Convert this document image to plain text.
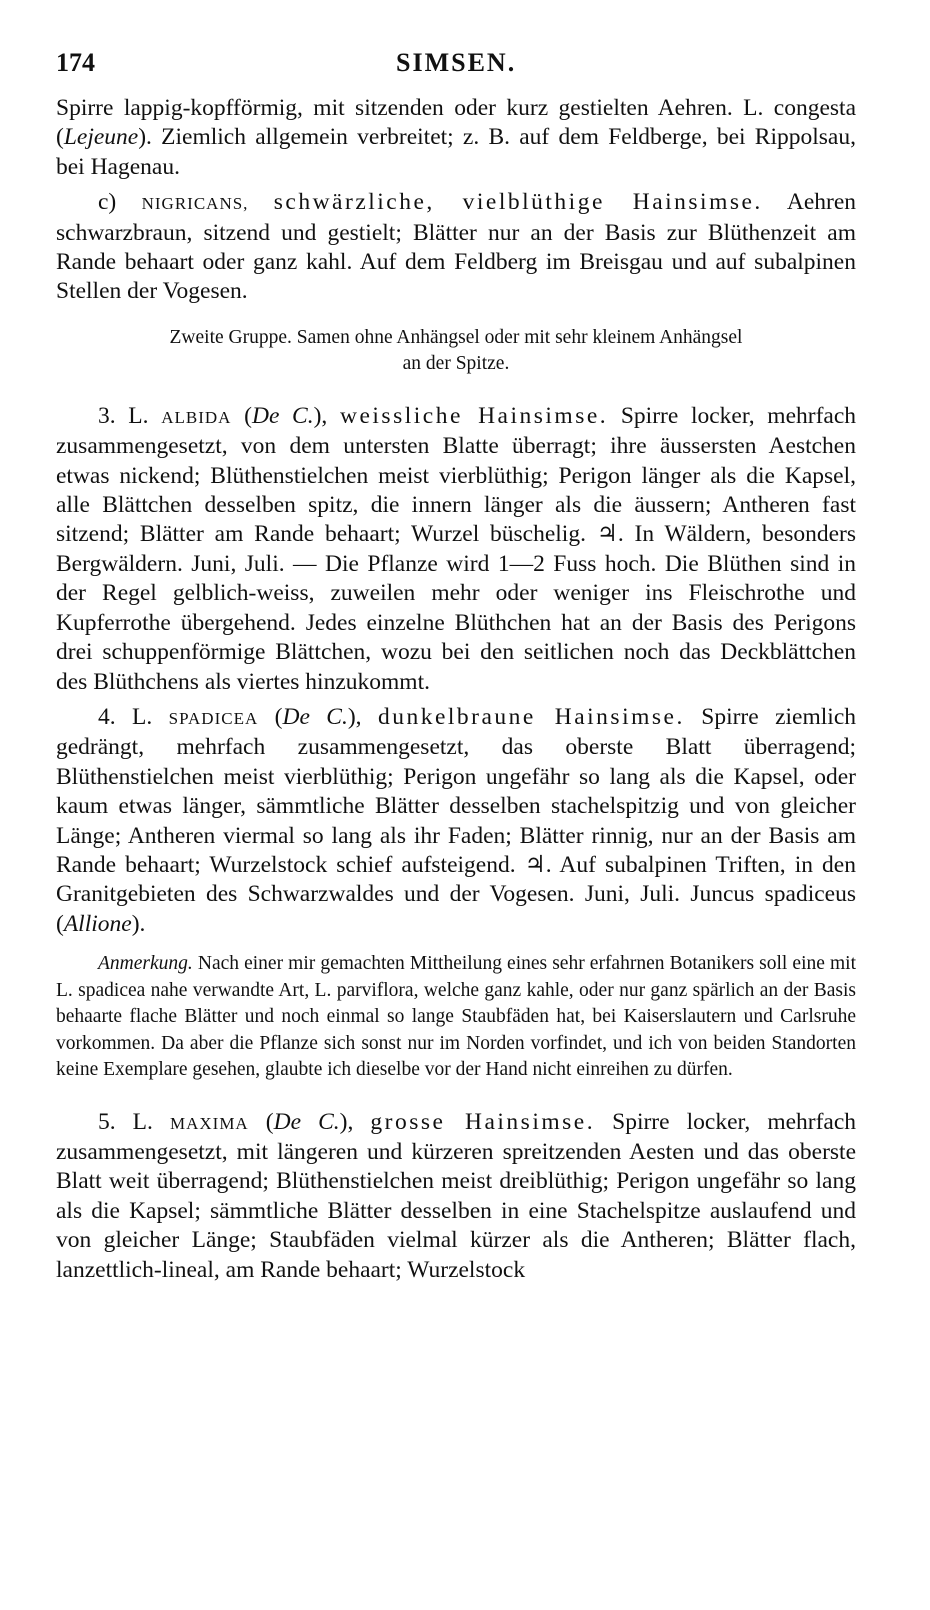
174	SIMSEN.

Spirre lappig-kopfförmig, mit sitzenden oder kurz gestielten Aehren. L. congesta (Lejeune). Ziemlich allgemein verbreitet; z. B. auf dem Feldberge, bei Rippolsau, bei Hagenau.

c) NIGRICANS, schwärzliche, vielblüthige Hainsimse. Aehren schwarzbraun, sitzend und gestielt; Blätter nur an der Basis zur Blüthenzeit am Rande behaart oder ganz kahl. Auf dem Feldberg im Breisgau und auf subalpinen Stellen der Vogesen.

Zweite Gruppe. Samen ohne Anhängsel oder mit sehr kleinem Anhängsel
an der Spitze.

3. L. ALBIDA (De C.), weissliche Hainsimse. Spirre locker, mehrfach zusammengesetzt, von dem untersten Blatte überragt; ihre äussersten Aestchen etwas nickend; Blüthenstielchen meist vierblüthig; Perigon länger als die Kapsel, alle Blättchen desselben spitz, die innern länger als die äussern; Antheren fast sitzend; Blätter am Rande behaart; Wurzel büschelig. ♃. In Wäldern, besonders Bergwäldern. Juni, Juli. — Die Pflanze wird 1—2 Fuss hoch. Die Blüthen sind in der Regel gelblich-weiss, zuweilen mehr oder weniger ins Fleischrothe und Kupferrothe übergehend. Jedes einzelne Blüthchen hat an der Basis des Perigons drei schuppenförmige Blättchen, wozu bei den seitlichen noch das Deckblättchen des Blüthchens als viertes hinzukommt.

4. L. SPADICEA (De C.), dunkelbraune Hainsimse. Spirre ziemlich gedrängt, mehrfach zusammengesetzt, das oberste Blatt überragend; Blüthenstielchen meist vierblüthig; Perigon ungefähr so lang als die Kapsel, oder kaum etwas länger, sämmtliche Blätter desselben stachelspitzig und von gleicher Länge; Antheren viermal so lang als ihr Faden; Blätter rinnig, nur an der Basis am Rande behaart; Wurzelstock schief aufsteigend. ♃. Auf subalpinen Triften, in den Granitgebieten des Schwarzwaldes und der Vogesen. Juni, Juli. Juncus spadiceus (Allione).

Anmerkung. Nach einer mir gemachten Mittheilung eines sehr erfahrnen Botanikers soll eine mit L. spadicea nahe verwandte Art, L. parviflora, welche ganz kahle, oder nur ganz spärlich an der Basis behaarte flache Blätter und noch einmal so lange Staubfäden hat, bei Kaiserslautern und Carlsruhe vorkommen. Da aber die Pflanze sich sonst nur im Norden vorfindet, und ich von beiden Standorten keine Exemplare gesehen, glaubte ich dieselbe vor der Hand nicht einreihen zu dürfen.

5. L. MAXIMA (De C.), grosse Hainsimse. Spirre locker, mehrfach zusammengesetzt, mit längeren und kürzeren spreitzenden Aesten und das oberste Blatt weit überragend; Blüthenstielchen meist dreiblüthig; Perigon ungefähr so lang als die Kapsel; sämmtliche Blätter desselben in eine Stachelspitze auslaufend und von gleicher Länge; Staubfäden vielmal kürzer als die Antheren; Blätter flach, lanzettlich-lineal, am Rande behaart; Wurzelstock
